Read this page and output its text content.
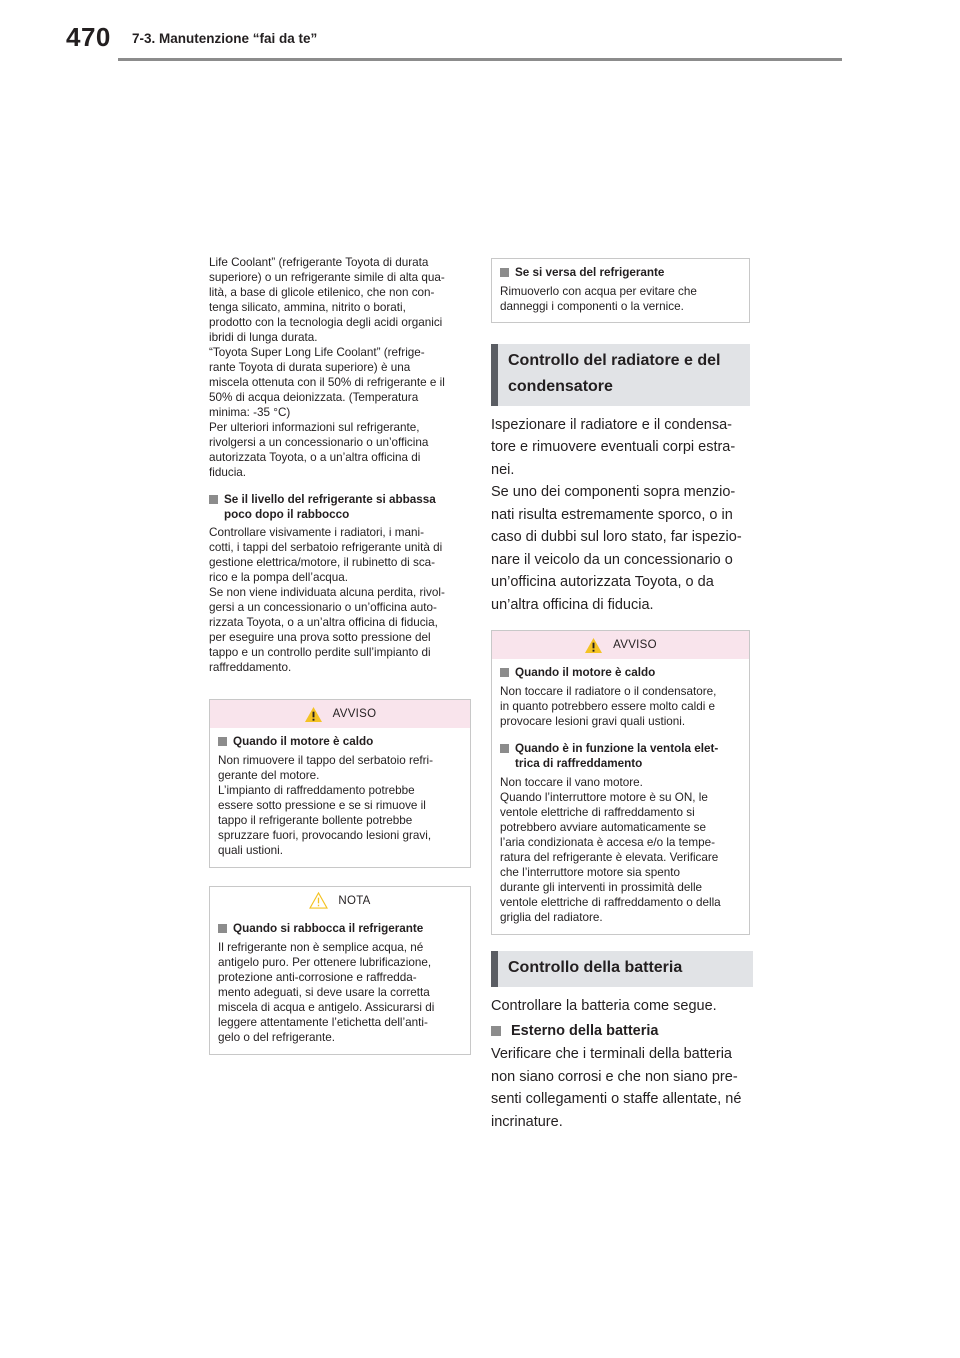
470 7-3. Manutenzione “fai da te”

Life Coolant” (refrigerante Toyota di durata
superiore) o un refrigerante simile di alta qua-
lità, a base di glicole etilenico, che non con-
tenga silicato, ammina, nitrito o borati,
prodotto con la tecnologia degli acidi organici
ibridi di lunga durata.
“Toyota Super Long Life Coolant” (refrige-
rante Toyota di durata superiore) è una
miscela ottenuta con il 50% di refrigerante e il
50% di acqua deionizzata. (Temperatura
minima: -35 °C)
Per ulteriori informazioni sul refrigerante,
rivolgersi a un concessionario o un’officina
autorizzata Toyota, o a un’altra officina di
fiducia.

Se il livello del refrigerante si abbassa
poco dopo il rabbocco

Controllare visivamente i radiatori, i mani-
cotti, i tappi del serbatoio refrigerante unità di
gestione elettrica/motore, il rubinetto di sca-
rico e la pompa dell’acqua.
Se non viene individuata alcuna perdita, rivol-
gersi a un concessionario o un’officina auto-
rizzata Toyota, o a un’altra officina di fiducia,
per eseguire una prova sotto pressione del
tappo e un controllo perdite sull’impianto di
raffreddamento.

AVVISO
Quando il motore è caldo

Non rimuovere il tappo del serbatoio refri-
gerante del motore.
L’impianto di raffreddamento potrebbe
essere sotto pressione e se si rimuove il
tappo il refrigerante bollente potrebbe
spruzzare fuori, provocando lesioni gravi,
quali ustioni.

NOTA
Quando si rabbocca il refrigerante

Il refrigerante non è semplice acqua, né
antigelo puro. Per ottenere lubrificazione,
protezione anti-corrosione e raffredda-
mento adeguati, si deve usare la corretta
miscela di acqua e antigelo. Assicurarsi di
leggere attentamente l’etichetta dell’anti-
gelo o del refrigerante.

Se si versa del refrigerante

Rimuoverlo con acqua per evitare che
danneggi i componenti o la vernice.

Controllo del radiatore e del
condensatore

Ispezionare il radiatore e il condensa-
tore e rimuovere eventuali corpi estra-
nei.
Se uno dei componenti sopra menzio-
nati risulta estremamente sporco, o in
caso di dubbi sul loro stato, far ispezio-
nare il veicolo da un concessionario o
un’officina autorizzata Toyota, o da
un’altra officina di fiducia.

AVVISO
Quando il motore è caldo

Non toccare il radiatore o il condensatore,
in quanto potrebbero essere molto caldi e
provocare lesioni gravi quali ustioni.

Quando è in funzione la ventola elet-
trica di raffreddamento

Non toccare il vano motore.
Quando l’interruttore motore è su ON, le
ventole elettriche di raffreddamento si
potrebbero avviare automaticamente se
l’aria condizionata è accesa e/o la tempe-
ratura del refrigerante è elevata. Verificare
che l’interruttore motore sia spento
durante gli interventi in prossimità delle
ventole elettriche di raffreddamento o della
griglia del radiatore.

Controllo della batteria

Controllare la batteria come segue.

Esterno della batteria

Verificare che i terminali della batteria
non siano corrosi e che non siano pre-
senti collegamenti o staffe allentate, né
incrinature.
